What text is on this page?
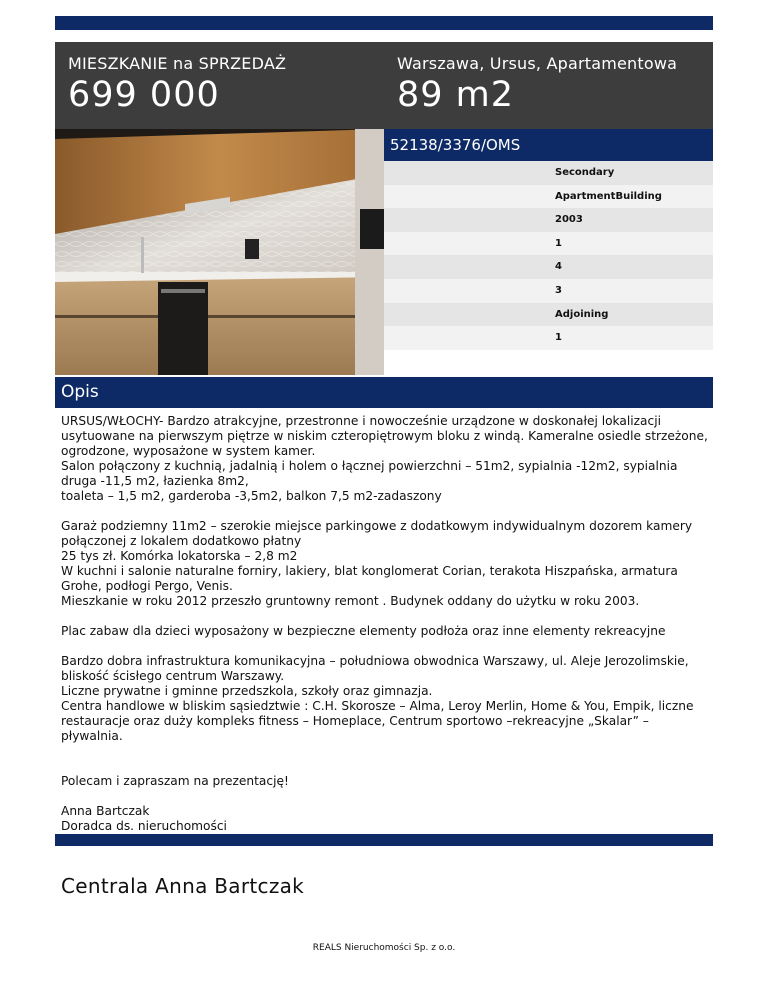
MIESZKANIE na SPRZEDAŻ
699 000
Warszawa, Ursus, Apartamentowa
89 m2
52138/3376/OMS
Secondary
ApartmentBuilding
2003
1
4
3
Adjoining
1
Opis

URSUS/WŁOCHY- Bardzo atrakcyjne, przestronne i nowocześnie urządzone w doskonałej lokalizacji usytuowane na pierwszym piętrze w niskim czteropiętrowym bloku z windą. Kameralne osiedle strzeżone, ogrodzone, wyposażone w system kamer.
Salon połączony z kuchnią, jadalnią i holem o łącznej powierzchni – 51m2, sypialnia -12m2, sypialnia druga -11,5 m2, łazienka 8m2,
toaleta – 1,5 m2, garderoba -3,5m2, balkon 7,5 m2-zadaszony

Garaż podziemny 11m2 – szerokie miejsce parkingowe z dodatkowym indywidualnym dozorem kamery połączonej z lokalem dodatkowo płatny
25 tys zł. Komórka lokatorska – 2,8 m2
W kuchni i salonie naturalne forniry, lakiery, blat konglomerat Corian, terakota Hiszpańska, armatura Grohe, podłogi Pergo, Venis.
Mieszkanie w roku 2012 przeszło gruntowny remont . Budynek oddany do użytku w roku 2003.

Plac zabaw dla dzieci wyposażony w bezpieczne elementy podłoża oraz inne elementy rekreacyjne

Bardzo dobra infrastruktura komunikacyjna – południowa obwodnica Warszawy, ul. Aleje Jerozolimskie, bliskość ścisłego centrum Warszawy.
Liczne prywatne i gminne przedszkola, szkoły oraz gimnazja.
Centra handlowe w bliskim sąsiedztwie : C.H. Skorosze – Alma, Leroy Merlin, Home & You, Empik, liczne restauracje oraz duży kompleks fitness – Homeplace, Centrum sportowo –rekreacyjne „Skalar” – pływalnia.

Polecam i zapraszam na prezentację!

Anna Bartczak
Doradca ds. nieruchomości

Centrala Anna Bartczak
REALS Nieruchomości Sp. z o.o.
